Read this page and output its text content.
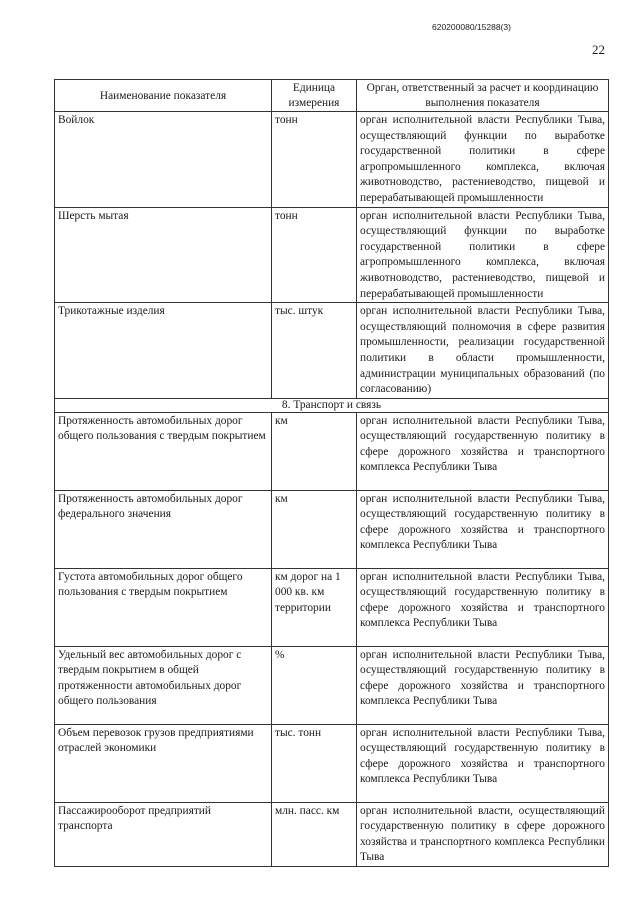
620200080/15288(3)
22
Наименование показателя	Единица измерения	Орган, ответственный за расчет и координацию выполнения показателя
Войлок	тонн	орган исполнительной власти Республики Тыва, осуществляющий функции по выработке государственной политики в сфере агропромышленного комплекса, включая животноводство, растениеводство, пищевой и перерабатывающей промышленности
Шерсть мытая	тонн	орган исполнительной власти Республики Тыва, осуществляющий функции по выработке государственной политики в сфере агропромышленного комплекса, включая животноводство, растениеводство, пищевой и перерабатывающей промышленности
Трикотажные изделия	тыс. штук	орган исполнительной власти Республики Тыва, осуществляющий полномочия в сфере развития промышленности, реализации государственной политики в области промышленности, администрации муниципальных образований (по согласованию)
8. Транспорт и связь		
Протяженность автомобильных дорог общего пользования с твердым покрытием	км	орган исполнительной власти Республики Тыва, осуществляющий государственную политику в сфере дорожного хозяйства и транспортного комплекса Республики Тыва
Протяженность автомобильных дорог федерального значения	км	орган исполнительной власти Республики Тыва, осуществляющий государственную политику в сфере дорожного хозяйства и транспортного комплекса Республики Тыва
Густота автомобильных дорог общего пользования с твердым покрытием	км дорог на 1 000 кв. км территории	орган исполнительной власти Республики Тыва, осуществляющий государственную политику в сфере дорожного хозяйства и транспортного комплекса Республики Тыва
Удельный вес автомобильных дорог с твердым покрытием в общей протяженности автомобильных дорог общего пользования	%	орган исполнительной власти Республики Тыва, осуществляющий государственную политику в сфере дорожного хозяйства и транспортного комплекса Республики Тыва
Объем перевозок грузов предприятиями отраслей экономики	тыс. тонн	орган исполнительной власти Республики Тыва, осуществляющий государственную политику в сфере дорожного хозяйства и транспортного комплекса Республики Тыва
Пассажирооборот предприятий транспорта	млн. пасс. км	орган исполнительной власти, осуществляющий государственную политику в сфере дорожного хозяйства и транспортного комплекса Республики Тыва
